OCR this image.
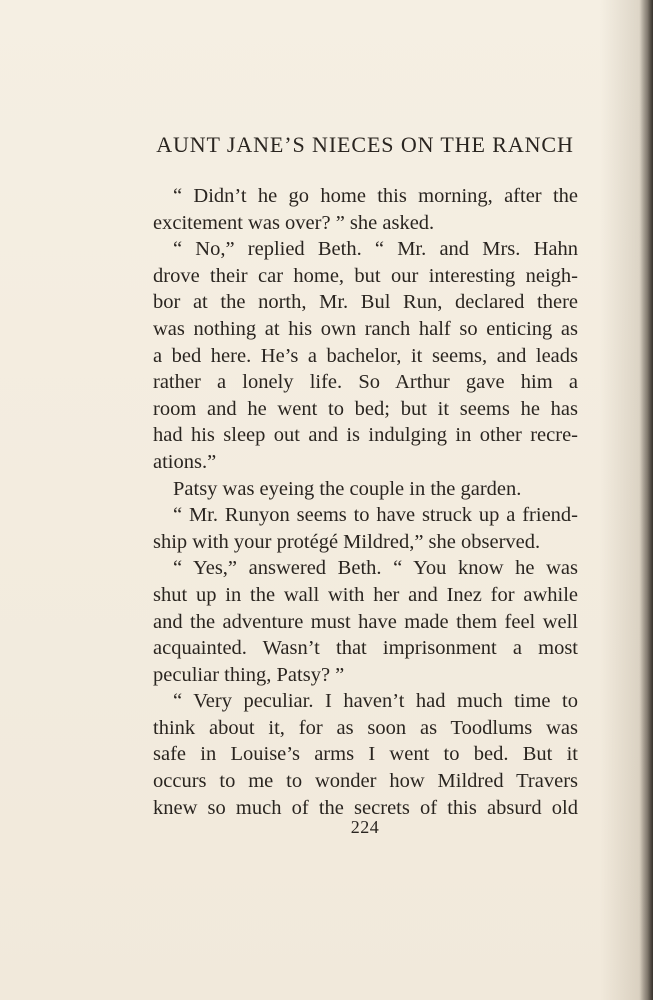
AUNT JANE’S NIECES ON THE RANCH
“ Didn’t he go home this morning, after the
excitement was over? ” she asked.
“ No,” replied Beth. “ Mr. and Mrs. Hahn
drove their car home, but our interesting neigh-
bor at the north, Mr. Bul Run, declared there
was nothing at his own ranch half so enticing as
a bed here. He’s a bachelor, it seems, and leads
rather a lonely life. So Arthur gave him a
room and he went to bed; but it seems he has
had his sleep out and is indulging in other recre-
ations.”
Patsy was eyeing the couple in the garden.
“ Mr. Runyon seems to have struck up a friend-
ship with your protégé Mildred,” she observed.
“ Yes,” answered Beth. “ You know he was
shut up in the wall with her and Inez for awhile
and the adventure must have made them feel well
acquainted. Wasn’t that imprisonment a most
peculiar thing, Patsy? ”
“ Very peculiar. I haven’t had much time to
think about it, for as soon as Toodlums was
safe in Louise’s arms I went to bed. But it
occurs to me to wonder how Mildred Travers
knew so much of the secrets of this absurd old
224
